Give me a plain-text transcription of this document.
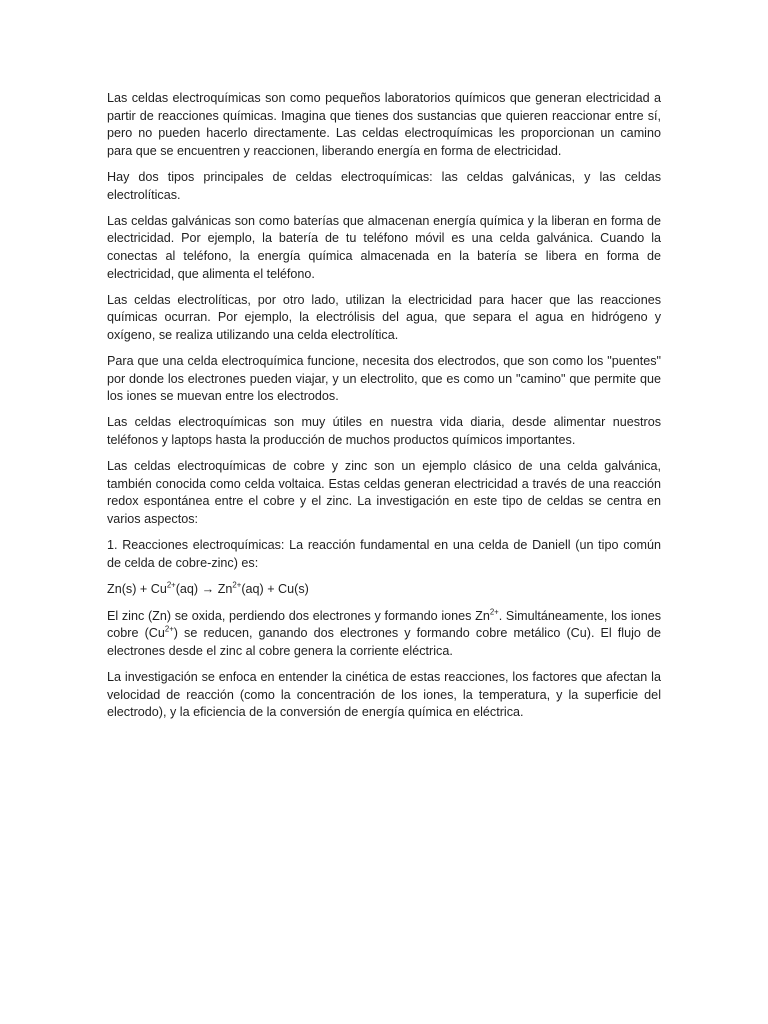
Las celdas electroquímicas son como pequeños laboratorios químicos que generan electricidad a partir de reacciones químicas. Imagina que tienes dos sustancias que quieren reaccionar entre sí, pero no pueden hacerlo directamente. Las celdas electroquímicas les proporcionan un camino para que se encuentren y reaccionen, liberando energía en forma de electricidad.

Hay dos tipos principales de celdas electroquímicas: las celdas galvánicas, y las celdas electrolíticas.

Las celdas galvánicas son como baterías que almacenan energía química y la liberan en forma de electricidad. Por ejemplo, la batería de tu teléfono móvil es una celda galvánica. Cuando la conectas al teléfono, la energía química almacenada en la batería se libera en forma de electricidad, que alimenta el teléfono.

Las celdas electrolíticas, por otro lado, utilizan la electricidad para hacer que las reacciones químicas ocurran. Por ejemplo, la electrólisis del agua, que separa el agua en hidrógeno y oxígeno, se realiza utilizando una celda electrolítica.

Para que una celda electroquímica funcione, necesita dos electrodos, que son como los "puentes" por donde los electrones pueden viajar, y un electrolito, que es como un "camino" que permite que los iones se muevan entre los electrodos.

Las celdas electroquímicas son muy útiles en nuestra vida diaria, desde alimentar nuestros teléfonos y laptops hasta la producción de muchos productos químicos importantes.

Las celdas electroquímicas de cobre y zinc son un ejemplo clásico de una celda galvánica, también conocida como celda voltaica. Estas celdas generan electricidad a través de una reacción redox espontánea entre el cobre y el zinc. La investigación en este tipo de celdas se centra en varios aspectos:

1. Reacciones electroquímicas: La reacción fundamental en una celda de Daniell (un tipo común de celda de cobre-zinc) es:

$Zn(s) + Cu^{2+}(aq) \to Zn^{2+}(aq) + Cu(s)$

El zinc (Zn) se oxida, perdiendo dos electrones y formando iones $Zn^{2+}$. Simultáneamente, los iones cobre $(Cu^{2+})$ se reducen, ganando dos electrones y formando cobre metálico (Cu). El flujo de electrones desde el zinc al cobre genera la corriente eléctrica.

La investigación se enfoca en entender la cinética de estas reacciones, los factores que afectan la velocidad de reacción (como la concentración de los iones, la temperatura, y la superficie del electrodo), y la eficiencia de la conversión de energía química en eléctrica.
